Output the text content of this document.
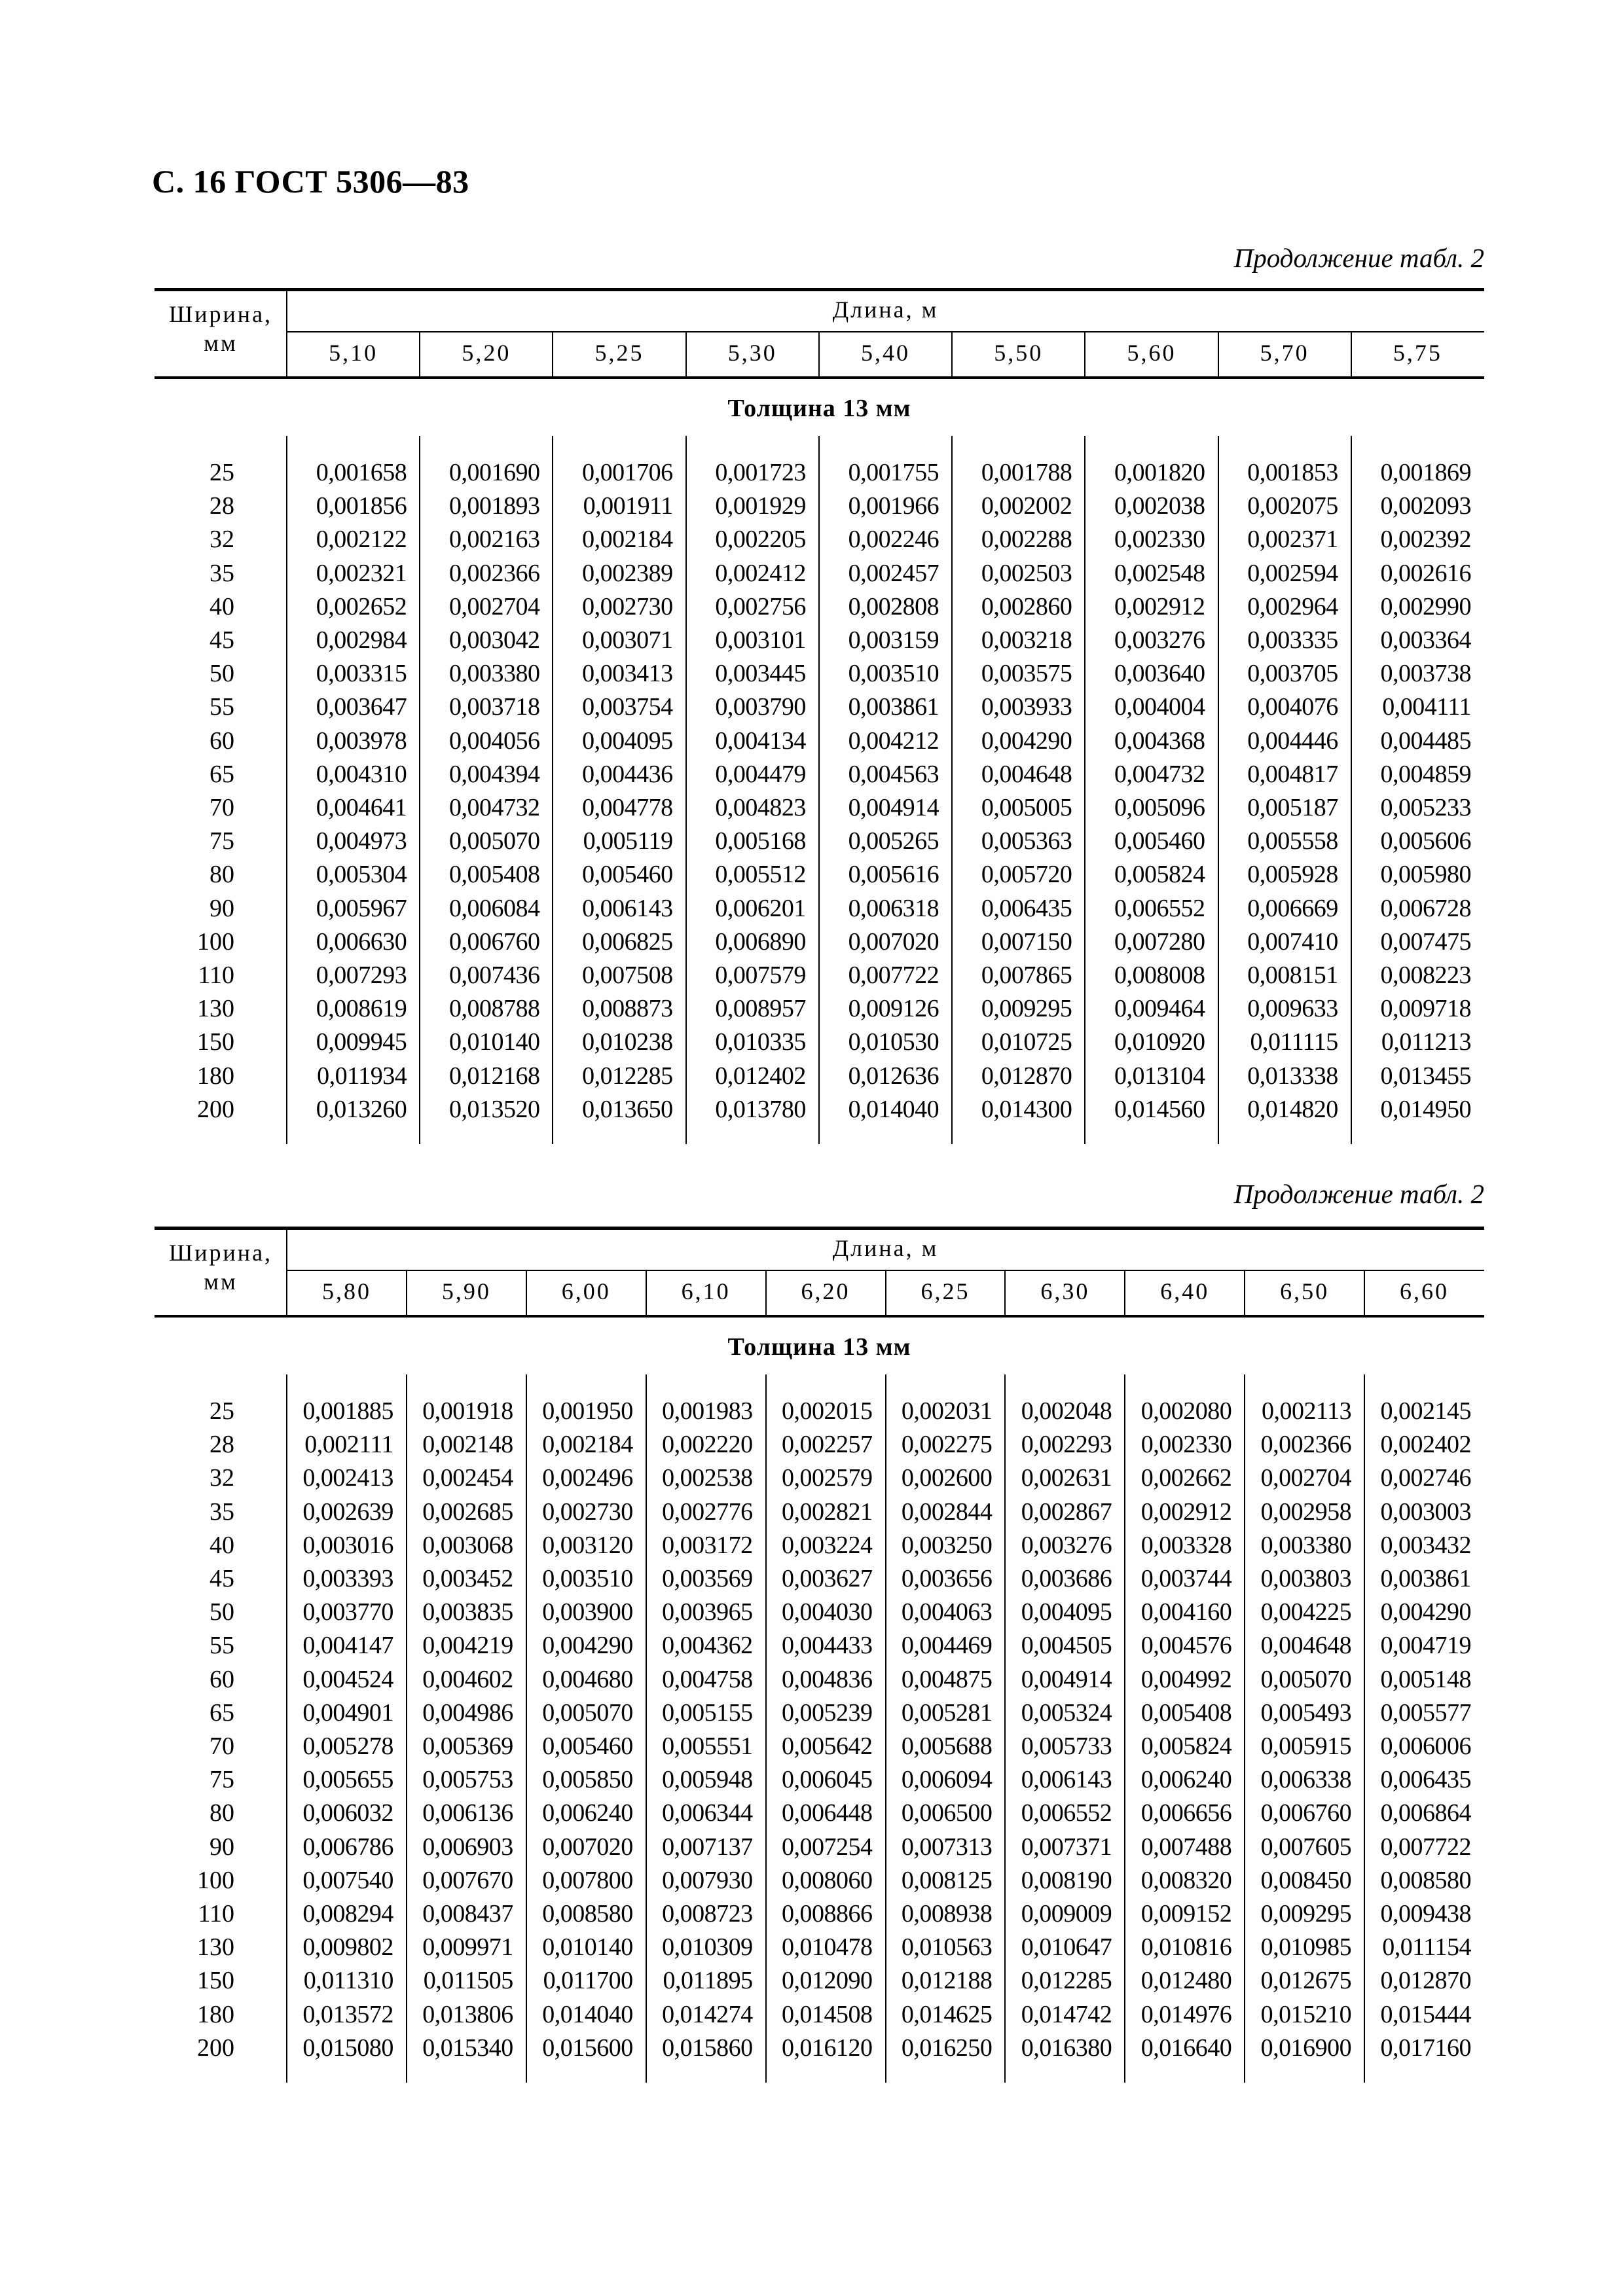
С. 16 ГОСТ 5306—83
Продолжение табл. 2
Ширина,
мм
Длина, м
5,10	5,20	5,25	5,30	5,40	5,50	5,60	5,70	5,75
Толщина 13 мм
25	0,001658	0,001690	0,001706	0,001723	0,001755	0,001788	0,001820	0,001853	0,001869
28	0,001856	0,001893	0,001911	0,001929	0,001966	0,002002	0,002038	0,002075	0,002093
32	0,002122	0,002163	0,002184	0,002205	0,002246	0,002288	0,002330	0,002371	0,002392
35	0,002321	0,002366	0,002389	0,002412	0,002457	0,002503	0,002548	0,002594	0,002616
40	0,002652	0,002704	0,002730	0,002756	0,002808	0,002860	0,002912	0,002964	0,002990
45	0,002984	0,003042	0,003071	0,003101	0,003159	0,003218	0,003276	0,003335	0,003364
50	0,003315	0,003380	0,003413	0,003445	0,003510	0,003575	0,003640	0,003705	0,003738
55	0,003647	0,003718	0,003754	0,003790	0,003861	0,003933	0,004004	0,004076	0,004111
60	0,003978	0,004056	0,004095	0,004134	0,004212	0,004290	0,004368	0,004446	0,004485
65	0,004310	0,004394	0,004436	0,004479	0,004563	0,004648	0,004732	0,004817	0,004859
70	0,004641	0,004732	0,004778	0,004823	0,004914	0,005005	0,005096	0,005187	0,005233
75	0,004973	0,005070	0,005119	0,005168	0,005265	0,005363	0,005460	0,005558	0,005606
80	0,005304	0,005408	0,005460	0,005512	0,005616	0,005720	0,005824	0,005928	0,005980
90	0,005967	0,006084	0,006143	0,006201	0,006318	0,006435	0,006552	0,006669	0,006728
100	0,006630	0,006760	0,006825	0,006890	0,007020	0,007150	0,007280	0,007410	0,007475
110	0,007293	0,007436	0,007508	0,007579	0,007722	0,007865	0,008008	0,008151	0,008223
130	0,008619	0,008788	0,008873	0,008957	0,009126	0,009295	0,009464	0,009633	0,009718
150	0,009945	0,010140	0,010238	0,010335	0,010530	0,010725	0,010920	0,011115	0,011213
180	0,011934	0,012168	0,012285	0,012402	0,012636	0,012870	0,013104	0,013338	0,013455
200	0,013260	0,013520	0,013650	0,013780	0,014040	0,014300	0,014560	0,014820	0,014950
Продолжение табл. 2
Ширина,
мм
Длина, м
5,80	5,90	6,00	6,10	6,20	6,25	6,30	6,40	6,50	6,60
Толщина 13 мм
25	0,001885	0,001918	0,001950	0,001983	0,002015	0,002031	0,002048	0,002080	0,002113	0,002145
28	0,002111	0,002148	0,002184	0,002220	0,002257	0,002275	0,002293	0,002330	0,002366	0,002402
32	0,002413	0,002454	0,002496	0,002538	0,002579	0,002600	0,002631	0,002662	0,002704	0,002746
35	0,002639	0,002685	0,002730	0,002776	0,002821	0,002844	0,002867	0,002912	0,002958	0,003003
40	0,003016	0,003068	0,003120	0,003172	0,003224	0,003250	0,003276	0,003328	0,003380	0,003432
45	0,003393	0,003452	0,003510	0,003569	0,003627	0,003656	0,003686	0,003744	0,003803	0,003861
50	0,003770	0,003835	0,003900	0,003965	0,004030	0,004063	0,004095	0,004160	0,004225	0,004290
55	0,004147	0,004219	0,004290	0,004362	0,004433	0,004469	0,004505	0,004576	0,004648	0,004719
60	0,004524	0,004602	0,004680	0,004758	0,004836	0,004875	0,004914	0,004992	0,005070	0,005148
65	0,004901	0,004986	0,005070	0,005155	0,005239	0,005281	0,005324	0,005408	0,005493	0,005577
70	0,005278	0,005369	0,005460	0,005551	0,005642	0,005688	0,005733	0,005824	0,005915	0,006006
75	0,005655	0,005753	0,005850	0,005948	0,006045	0,006094	0,006143	0,006240	0,006338	0,006435
80	0,006032	0,006136	0,006240	0,006344	0,006448	0,006500	0,006552	0,006656	0,006760	0,006864
90	0,006786	0,006903	0,007020	0,007137	0,007254	0,007313	0,007371	0,007488	0,007605	0,007722
100	0,007540	0,007670	0,007800	0,007930	0,008060	0,008125	0,008190	0,008320	0,008450	0,008580
110	0,008294	0,008437	0,008580	0,008723	0,008866	0,008938	0,009009	0,009152	0,009295	0,009438
130	0,009802	0,009971	0,010140	0,010309	0,010478	0,010563	0,010647	0,010816	0,010985	0,011154
150	0,011310	0,011505	0,011700	0,011895	0,012090	0,012188	0,012285	0,012480	0,012675	0,012870
180	0,013572	0,013806	0,014040	0,014274	0,014508	0,014625	0,014742	0,014976	0,015210	0,015444
200	0,015080	0,015340	0,015600	0,015860	0,016120	0,016250	0,016380	0,016640	0,016900	0,017160
